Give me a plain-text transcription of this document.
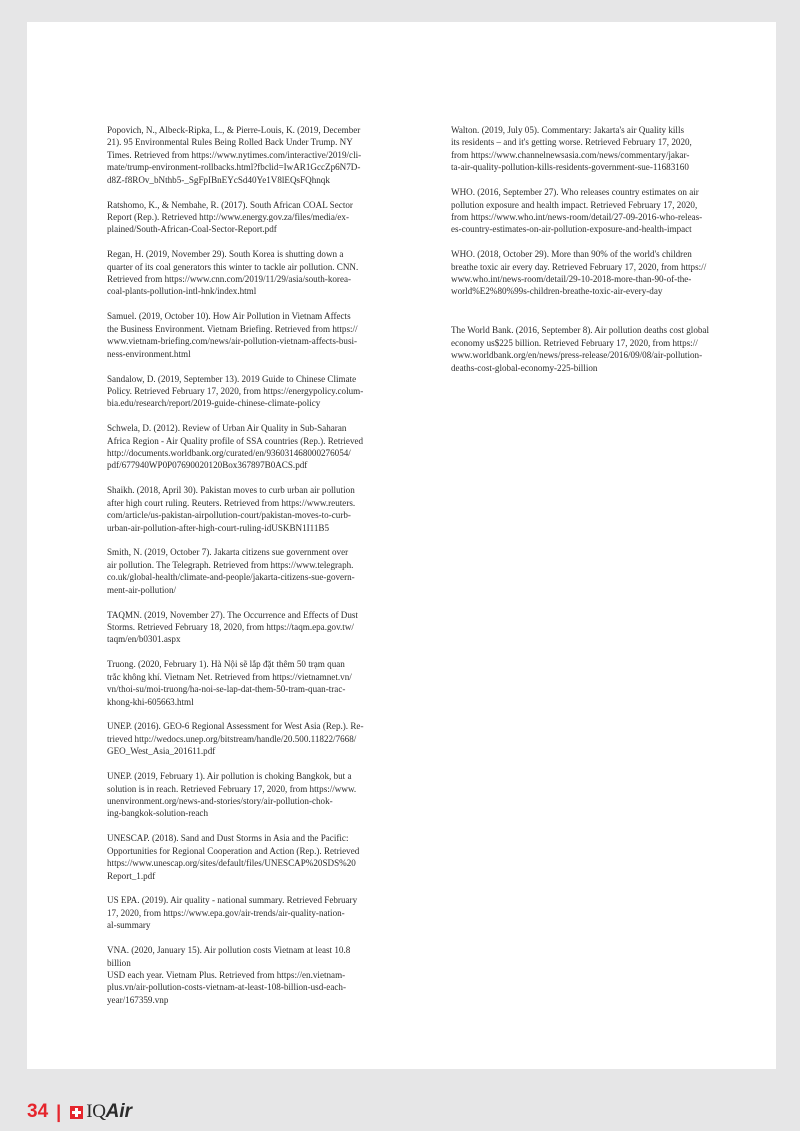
Popovich, N., Albeck-Ripka, L., & Pierre-Louis, K. (2019, December
21). 95 Environmental Rules Being Rolled Back Under Trump. NY
Times. Retrieved from https://www.nytimes.com/interactive/2019/cli-
mate/trump-environment-rollbacks.html?fbclid=IwAR1GccZp6N7D-
d8Z-f8ROv_bNthb5-_SgFpIBnEYcSd40Ye1V8lEQsFQhnqk

Ratshomo, K., & Nembahe, R. (2017). South African COAL Sector
Report (Rep.). Retrieved http://www.energy.gov.za/files/media/ex-
plained/South-African-Coal-Sector-Report.pdf

Regan, H. (2019, November 29). South Korea is shutting down a
quarter of its coal generators this winter to tackle air pollution. CNN.
Retrieved from https://www.cnn.com/2019/11/29/asia/south-korea-
coal-plants-pollution-intl-hnk/index.html

Samuel. (2019, October 10). How Air Pollution in Vietnam Affects
the Business Environment. Vietnam Briefing. Retrieved from https://
www.vietnam-briefing.com/news/air-pollution-vietnam-affects-busi-
ness-environment.html

Sandalow, D. (2019, September 13). 2019 Guide to Chinese Climate
Policy. Retrieved February 17, 2020, from https://energypolicy.colum-
bia.edu/research/report/2019-guide-chinese-climate-policy

Schwela, D. (2012). Review of Urban Air Quality in Sub-Saharan
Africa Region - Air Quality profile of SSA countries (Rep.). Retrieved
http://documents.worldbank.org/curated/en/936031468000276054/
pdf/677940WP0P07690020120Box367897B0ACS.pdf

Shaikh. (2018, April 30). Pakistan moves to curb urban air pollution
after high court ruling. Reuters. Retrieved from https://www.reuters.
com/article/us-pakistan-airpollution-court/pakistan-moves-to-curb-
urban-air-pollution-after-high-court-ruling-idUSKBN1I11B5

Smith, N. (2019, October 7). Jakarta citizens sue government over
air pollution. The Telegraph. Retrieved from https://www.telegraph.
co.uk/global-health/climate-and-people/jakarta-citizens-sue-govern-
ment-air-pollution/

TAQMN. (2019, November 27). The Occurrence and Effects of Dust
Storms. Retrieved February 18, 2020, from https://taqm.epa.gov.tw/
taqm/en/b0301.aspx

Truong. (2020, February 1). Hà Nội sẽ lắp đặt thêm 50 trạm quan
trắc không khí. Vietnam Net. Retrieved from https://vietnamnet.vn/
vn/thoi-su/moi-truong/ha-noi-se-lap-dat-them-50-tram-quan-trac-
khong-khi-605663.html

UNEP. (2016). GEO-6 Regional Assessment for West Asia (Rep.). Re-
trieved http://wedocs.unep.org/bitstream/handle/20.500.11822/7668/
GEO_West_Asia_201611.pdf

UNEP. (2019, February 1). Air pollution is choking Bangkok, but a
solution is in reach. Retrieved February 17, 2020, from https://www.
unenvironment.org/news-and-stories/story/air-pollution-chok-
ing-bangkok-solution-reach

UNESCAP. (2018). Sand and Dust Storms in Asia and the Pacific:
Opportunities for Regional Cooperation and Action (Rep.). Retrieved
https://www.unescap.org/sites/default/files/UNESCAP%20SDS%20
Report_1.pdf

US EPA. (2019). Air quality - national summary. Retrieved February
17, 2020, from https://www.epa.gov/air-trends/air-quality-nation-
al-summary

VNA. (2020, January 15). Air pollution costs Vietnam at least 10.8
billion
USD each year. Vietnam Plus. Retrieved from https://en.vietnam-
plus.vn/air-pollution-costs-vietnam-at-least-108-billion-usd-each-
year/167359.vnp

Walton. (2019, July 05). Commentary: Jakarta's air Quality kills
its residents – and it's getting worse. Retrieved February 17, 2020,
from https://www.channelnewsasia.com/news/commentary/jakar-
ta-air-quality-pollution-kills-residents-government-sue-11683160

WHO. (2016, September 27). Who releases country estimates on air
pollution exposure and health impact. Retrieved February 17, 2020,
from https://www.who.int/news-room/detail/27-09-2016-who-releas-
es-country-estimates-on-air-pollution-exposure-and-health-impact

WHO. (2018, October 29). More than 90% of the world's children
breathe toxic air every day. Retrieved February 17, 2020, from https://
www.who.int/news-room/detail/29-10-2018-more-than-90-of-the-
world%E2%80%99s-children-breathe-toxic-air-every-day

The World Bank. (2016, September 8). Air pollution deaths cost global
economy us$225 billion. Retrieved February 17, 2020, from https://
www.worldbank.org/en/news/press-release/2016/09/08/air-pollution-
deaths-cost-global-economy-225-billion

34 | IQ Air
